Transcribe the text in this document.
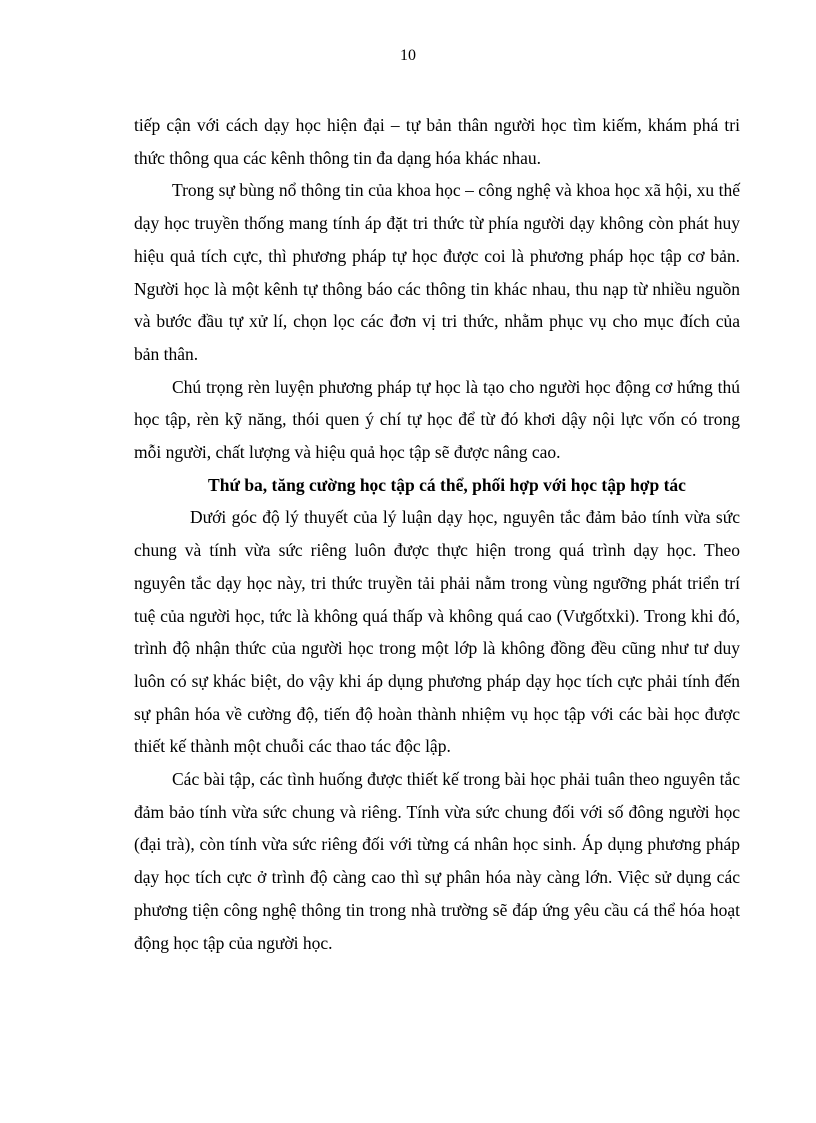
10

tiếp cận với cách dạy học hiện đại – tự bản thân người học tìm kiếm, khám phá tri thức thông qua các kênh thông tin đa dạng hóa khác nhau.

Trong sự bùng nổ thông tin của khoa học – công nghệ và khoa học xã hội, xu thế dạy học truyền thống mang tính áp đặt tri thức từ phía người dạy không còn phát huy hiệu quả tích cực, thì phương pháp tự học được coi là phương pháp học tập cơ bản. Người học là một kênh tự thông báo các thông tin khác nhau, thu nạp từ nhiều nguồn và bước đầu tự xử lí, chọn lọc các đơn vị tri thức, nhằm phục vụ cho mục đích của bản thân.

Chú trọng rèn luyện phương pháp tự học là tạo cho người học động cơ hứng thú học tập, rèn kỹ năng, thói quen ý chí tự học để từ đó khơi dậy nội lực vốn có trong mỗi người, chất lượng và hiệu quả học tập sẽ được nâng cao.

Thứ ba, tăng cường học tập cá thể, phối hợp với học tập hợp tác

Dưới góc độ lý thuyết của lý luận dạy học, nguyên tắc đảm bảo tính vừa sức chung và tính vừa sức riêng luôn được thực hiện trong quá trình dạy học. Theo nguyên tắc dạy học này, tri thức truyền tải phải nằm trong vùng ngưỡng phát triển trí tuệ của người học, tức là không quá thấp và không quá cao (Vưgốtxki). Trong khi đó, trình độ nhận thức của người học trong một lớp là không đồng đều cũng như tư duy luôn có sự khác biệt, do vậy khi áp dụng phương pháp dạy học tích cực phải tính đến sự phân hóa về cường độ, tiến độ hoàn thành nhiệm vụ học tập với các bài học được thiết kế thành một chuỗi các thao tác độc lập.

Các bài tập, các tình huống được thiết kế trong bài học phải tuân theo nguyên tắc đảm bảo tính vừa sức chung và riêng. Tính vừa sức chung đối với số đông người học (đại trà), còn tính vừa sức riêng đối với từng cá nhân học sinh. Áp dụng phương pháp dạy học tích cực ở trình độ càng cao thì sự phân hóa này càng lớn. Việc sử dụng các phương tiện công nghệ thông tin trong nhà trường sẽ đáp ứng yêu cầu cá thể hóa hoạt động học tập của người học.
